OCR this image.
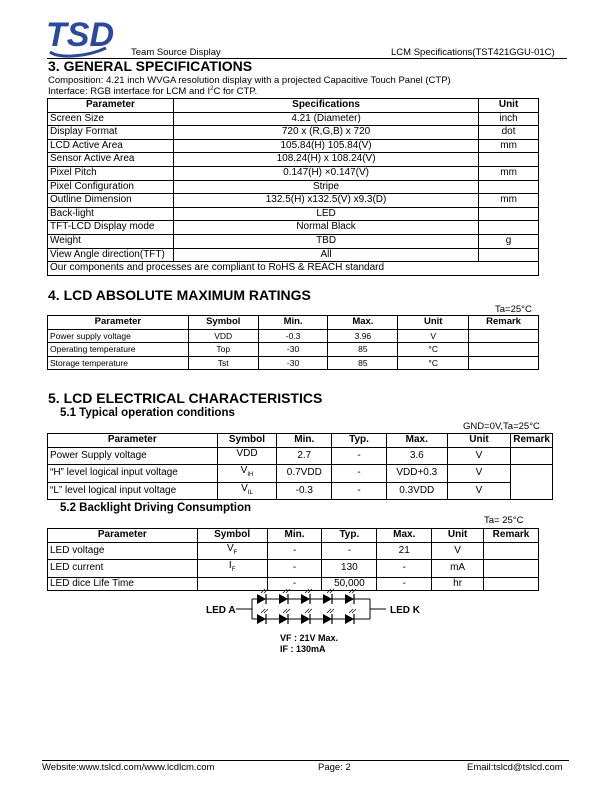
TSD Team Source Display	LCM Specifications(TST421GGU-01C)
3. GENERAL SPECIFICATIONS
Composition: 4.21 inch WVGA resolution display with a projected Capacitive Touch Panel (CTP)
Interface: RGB interface for LCM and $I^2C$ for CTP.
Parameter	Specifications	Unit
Screen Size	4.21 (Diameter)	inch
Display Format	720 x (R,G,B) x 720	dot
LCD Active Area	105.84(H) 105.84(V)	mm
Sensor Active Area	108.24(H) x 108.24(V)	
Pixel Pitch	0.147(H) ×0.147(V)	mm
Pixel Configuration	Stripe	
Outline Dimension	132.5(H) x132.5(V) x9.3(D)	mm
Back-light	LED	
TFT-LCD Display mode	Normal Black	
Weight	TBD	g
View Angle direction(TFT)	All	
Our components and processes are compliant to RoHS & REACH standard		
4. LCD ABSOLUTE MAXIMUM RATINGS
Ta=25°C
Parameter	Symbol	Min.	Max.	Unit	Remark
Power supply voltage	VDD	-0.3	3.96	V	
Operating temperature	Top	-30	85	°C	
Storage temperature	Tst	-30	85	°C	
5. LCD ELECTRICAL CHARACTERISTICS
5.1 Typical operation conditions
GND=0V,Ta=25°C
Parameter	Symbol	Min.	Typ.	Max.	Unit	Remark
Power Supply voltage	VDD	2.7	-	3.6	V	
“H” level logical input voltage	$V_{IH}$	0.7VDD	-	VDD+0.3	V	
“L” level logical input voltage	$V_{IL}$	-0.3	-	0.3VDD	V	
5.2 Backlight Driving Consumption
Ta= 25°C
Parameter	Symbol	Min.	Typ.	Max.	Unit	Remark
LED voltage	$V_F$	-	-	21	V	
LED current	$I_F$	-	130	-	mA	
LED dice Life Time		-	50,000	-	hr	
LED A	LED K
VF : 21V Max.
IF : 130mA
Website:www.tslcd.com/www.lcdlcm.com	Page: 2	Email:tslcd@tslcd.com
